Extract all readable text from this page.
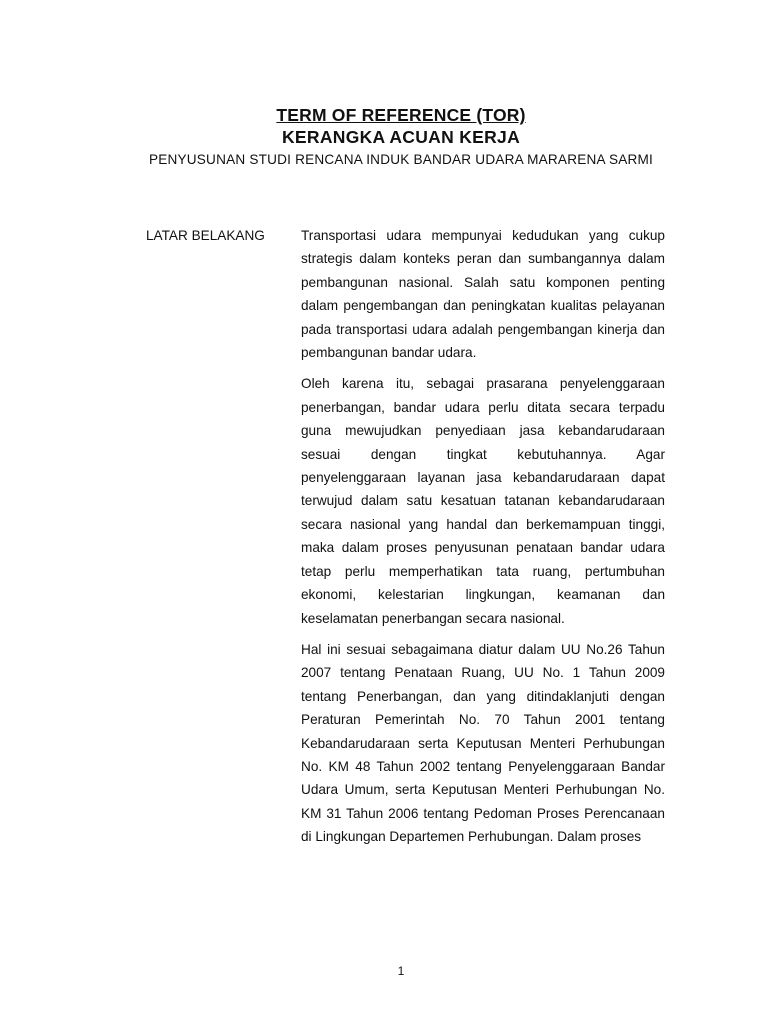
TERM OF REFERENCE (TOR)
KERANGKA ACUAN KERJA
PENYUSUNAN STUDI RENCANA INDUK BANDAR UDARA MARARENA SARMI
LATAR BELAKANG	Transportasi udara mempunyai kedudukan yang cukup strategis dalam konteks peran dan sumbangannya dalam pembangunan nasional. Salah satu komponen penting dalam pengembangan dan peningkatan kualitas pelayanan pada transportasi udara adalah pengembangan kinerja dan pembangunan bandar udara.

Oleh karena itu, sebagai prasarana penyelenggaraan penerbangan, bandar udara perlu ditata secara terpadu guna mewujudkan penyediaan jasa kebandarudaraan sesuai dengan tingkat kebutuhannya. Agar penyelenggaraan layanan jasa kebandarudaraan dapat terwujud dalam satu kesatuan tatanan kebandarudaraan secara nasional yang handal dan berkemampuan tinggi, maka dalam proses penyusunan penataan bandar udara tetap perlu memperhatikan tata ruang, pertumbuhan ekonomi, kelestarian lingkungan, keamanan dan keselamatan penerbangan secara nasional.

Hal ini sesuai sebagaimana diatur dalam UU No.26 Tahun 2007 tentang Penataan Ruang, UU No. 1 Tahun 2009 tentang Penerbangan, dan yang ditindaklanjuti dengan Peraturan Pemerintah No. 70 Tahun 2001 tentang Kebandarudaraan serta Keputusan Menteri Perhubungan No. KM 48 Tahun 2002 tentang Penyelenggaraan Bandar Udara Umum, serta Keputusan Menteri Perhubungan No. KM 31 Tahun 2006 tentang Pedoman Proses Perencanaan di Lingkungan Departemen Perhubungan. Dalam proses

1
